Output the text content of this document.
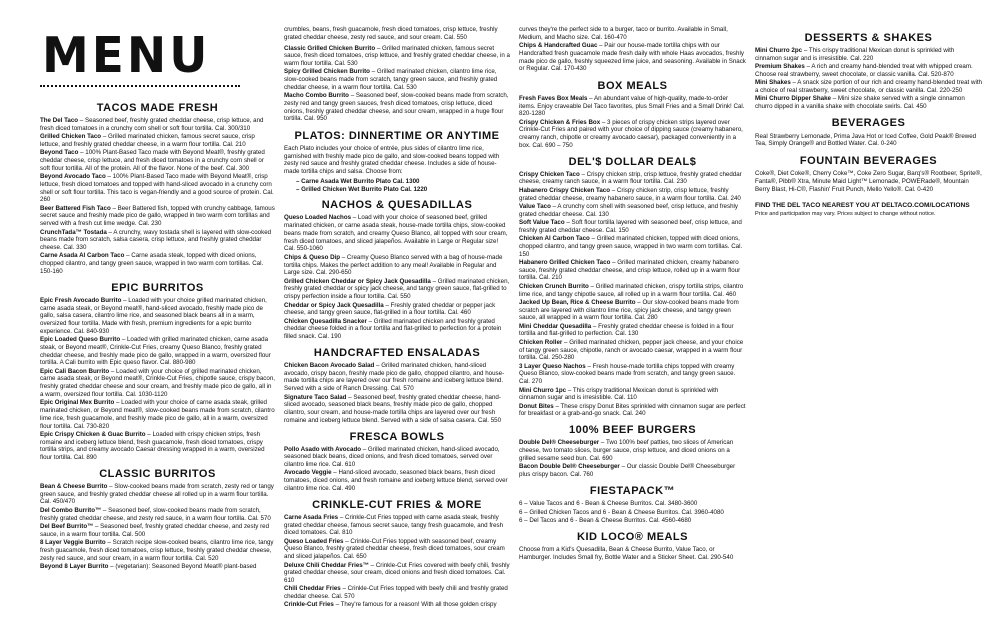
MENU
TACOS MADE FRESH
The Del Taco – Seasoned beef, freshly grated cheddar cheese, crisp lettuce, and fresh diced tomatoes in a crunchy corn shell or soft flour tortilla. Cal. 300/310
Grilled Chicken Taco – Grilled marinated chicken, famous secret sauce, crisp lettuce, and freshly grated cheddar cheese, in a warm flour tortilla. Cal. 210
Beyond Taco – 100% Plant-Based Taco made with Beyond Meat®, freshly grated cheddar cheese, crisp lettuce, and fresh diced tomatoes in a crunchy corn shell or soft flour tortilla. All of the protein. All of the flavor. None of the beef. Cal. 300
Beyond Avocado Taco – 100% Plant-Based Taco made with Beyond Meat®, crisp lettuce, fresh diced tomatoes and topped with hand-sliced avocado in a crunchy corn shell or soft flour tortilla. This taco is vegan-friendly and a good source of protein. Cal. 260
Beer Battered Fish Taco – Beer Battered fish, topped with crunchy cabbage, famous secret sauce and freshly made pico de gallo, wrapped in two warm corn tortillas and served with a fresh cut lime wedge. Cal. 230
CrunchTada™ Tostada – A crunchy, wavy tostada shell is layered with slow-cooked beans made from scratch, salsa casera, crisp lettuce, and freshly grated cheddar cheese. Cal. 330
Carne Asada Al Carbon Taco – Carne asada steak, topped with diced onions, chopped cilantro, and tangy green sauce, wrapped in two warm corn tortillas. Cal. 150-160
EPIC BURRITOS
Epic Fresh Avocado Burrito – Loaded with your choice grilled marinated chicken, carne asada steak, or Beyond meat®, hand-sliced avocado, freshly made pico de gallo, salsa casera, cilantro lime rice, and seasoned black beans all in a warm, oversized flour tortilla. Made with fresh, premium ingredients for a epic burrito experience. Cal. 840-930
Epic Loaded Queso Burrito – Loaded with grilled marinated chicken, carne asada steak, or Beyond meat®, Crinkle-Cut Fries, creamy Queso Blanco, freshly grated cheddar cheese, and freshly made pico de gallo, wrapped in a warm, oversized flour tortilla. A Cali burrito with Epic queso flavor. Cal. 880-980
Epic Cali Bacon Burrito – Loaded with your choice of grilled marinated chicken, carne asada steak, or Beyond meat®, Crinkle-Cut Fries, chipotle sauce, crispy bacon, freshly grated cheddar cheese and sour cream, and freshly made pico de gallo, all in a warm, oversized flour tortilla. Cal. 1030-1120
Epic Original Mex Burrito – Loaded with your choice of carne asada steak, grilled marinated chicken, or Beyond meat®, slow-cooked beans made from scratch, cilantro lime rice, fresh guacamole, and freshly made pico de gallo, all in a warm, oversized flour tortilla. Cal. 730-820
Epic Crispy Chicken & Guac Burrito – Loaded with crispy chicken strips, fresh romaine and iceberg lettuce blend, fresh guacamole, fresh diced tomatoes, crispy tortilla strips, and creamy avocado Caesar dressing wrapped in a warm, oversized flour tortilla. Cal. 890
CLASSIC BURRITOS
Bean & Cheese Burrito – Slow-cooked beans made from scratch, zesty red or tangy green sauce, and freshly grated cheddar cheese all rolled up in a warm flour tortilla. Cal. 450/470
Del Combo Burrito™ – Seasoned beef, slow-cooked beans made from scratch, freshly grated cheddar cheese, and zesty red sauce, in a warm flour tortilla. Cal. 570
Del Beef Burrito™ – Seasoned beef, freshly grated cheddar cheese, and zesty red sauce, in a warm flour tortilla. Cal. 500
8 Layer Veggie Burrito – Scratch recipe slow-cooked beans, cilantro lime rice, tangy fresh guacamole, fresh diced tomatoes, crisp lettuce, freshly grated cheddar cheese, zesty red sauce, and sour cream, in a warm flour tortilla. Cal. 520
Beyond 8 Layer Burrito – (vegetarian): Seasoned Beyond Meat® plant-based
crumbles, beans, fresh guacamole, fresh diced tomatoes, crisp lettuce, freshly grated cheddar cheese, zesty red sauce, and sour cream. Cal. 550
Classic Grilled Chicken Burrito – Grilled marinated chicken, famous secret sauce, fresh diced tomatoes, crisp lettuce, and freshly grated cheddar cheese, in a warm flour tortilla. Cal. 530
Spicy Grilled Chicken Burrito – Grilled marinated chicken, cilantro lime rice, slow-cooked beans made from scratch, tangy green sauce, and freshly grated cheddar cheese, in a warm flour tortilla. Cal. 530
Macho Combo Burrito – Seasoned beef, slow-cooked beans made from scratch, zesty red and tangy green sauces, fresh diced tomatoes, crisp lettuce, diced onions, freshly grated cheddar cheese, and sour cream, wrapped in a huge flour tortilla. Cal. 950
PLATOS: DINNERTIME OR ANYTIME
Each Plato includes your choice of entrée, plus sides of cilantro lime rice, garnished with freshly made pico de gallo, and slow-cooked beans topped with zesty red sauce and freshly grated cheddar cheese. Includes a side of house-made tortilla chips and salsa. Choose from:
– Carne Asada Wet Burrito Plato Cal. 1300
– Grilled Chicken Wet Burrito Plato Cal. 1220
NACHOS & QUESADILLAS
Queso Loaded Nachos – Load with your choice of seasoned beef, grilled marinated chicken, or carne asada steak, house-made tortilla chips, slow-cooked beans made from scratch, and creamy Queso Blanco, all topped with sour cream, fresh diced tomatoes, and sliced jalapeños. Available in Large or Regular size! Cal. 550-1060
Chips & Queso Dip – Creamy Queso Blanco served with a bag of house-made tortilla chips. Makes the perfect addition to any meal! Available in Regular and Large size. Cal. 290-650
Grilled Chicken Cheddar or Spicy Jack Quesadilla – Grilled marinated chicken, freshly grated cheddar or spicy jack cheese, and tangy green sauce, flat-grilled to crispy perfection inside a flour tortilla. Cal. 550
Cheddar or Spicy Jack Quesadilla – Freshly grated cheddar or pepper jack cheese, and tangy green sauce, flat-grilled in a flour tortilla. Cal. 460
Chicken Quesadilla Snacker – Grilled marinated chicken and freshly grated cheddar cheese folded in a flour tortilla and flat-grilled to perfection for a protein filled snack. Cal. 190
HANDCRAFTED ENSALADAS
Chicken Bacon Avocado Salad – Grilled marinated chicken, hand-sliced avocado, crispy bacon, freshly made pico de gallo, chopped cilantro, and house-made tortilla chips are layered over our fresh romaine and iceberg lettuce blend. Served with a side of Ranch Dressing. Cal. 570
Signature Taco Salad – Seasoned beef, freshly grated cheddar cheese, hand-sliced avocado, seasoned black beans, freshly made pico de gallo, chopped cilantro, sour cream, and house-made tortilla chips are layered over our fresh romaine and iceberg lettuce blend. Served with a side of salsa casera. Cal. 550
FRESCA BOWLS
Pollo Asado with Avocado – Grilled marinated chicken, hand-sliced avocado, seasoned black beans, diced onions, and fresh diced tomatoes, served over cilantro lime rice. Cal. 610
Avocado Veggie – Hand-sliced avocado, seasoned black beans, fresh diced tomatoes, diced onions, and fresh romaine and iceberg lettuce blend, served over cilantro lime rice. Cal. 490
CRINKLE-CUT FRIES & MORE
Carne Asada Fries – Crinkle-Cut Fries topped with carne asada steak, freshly grated cheddar cheese, famous secret sauce, tangy fresh guacamole, and fresh diced tomatoes. Cal. 810
Queso Loaded Fries – Crinkle-Cut Fries topped with seasoned beef, creamy Queso Blanco, freshly grated cheddar cheese, fresh diced tomatoes, sour cream and sliced jalapeños. Cal. 650
Deluxe Chili Cheddar Fries™ – Crinkle-Cut Fries covered with beefy chili, freshly grated cheddar cheese, sour cream, diced onions and fresh diced tomatoes. Cal. 610
Chili Cheddar Fries – Crinkle-Cut Fries topped with beefy chili and freshly grated cheddar cheese. Cal. 570
Crinkle-Cut Fries – They're famous for a reason! With all those golden crispy
curves they're the perfect side to a burger, taco or burrito. Available in Small, Medium, and Macho size. Cal. 160-470
Chips & Handcrafted Guac – Pair our house-made tortilla chips with our Handcrafted fresh guacamole made fresh daily with whole Haas avocados, freshly made pico de gallo, freshly squeezed lime juice, and seasoning. Available in Snack or Regular. Cal. 170-430
BOX MEALS
Fresh Faves Box Meals – An abundant value of high-quality, made-to-order items. Enjoy craveable Del Taco favorites, plus Small Fries and a Small Drink! Cal. 820-1280
Crispy Chicken & Fries Box – 3 pieces of crispy chicken strips layered over Crinkle-Cut Fries and paired with your choice of dipping sauce (creamy habanero, creamy ranch, chipotle or creamy avocado caesar), packaged conveniently in a box. Cal. 690 – 750
DEL'$ DOLLAR DEAL$
Crispy Chicken Taco – Crispy chicken strip, crisp lettuce, freshly grated cheddar cheese, creamy ranch sauce, in a warm flour tortilla. Cal. 230
Habanero Crispy Chicken Taco – Crispy chicken strip, crisp lettuce, freshly grated cheddar cheese, creamy habanero sauce, in a warm flour tortilla. Cal. 240
Value Taco – A crunchy corn shell with seasoned beef, crisp lettuce, and freshly grated cheddar cheese. Cal. 130
Soft Value Taco – Soft flour tortilla layered with seasoned beef, crisp lettuce, and freshly grated cheddar cheese. Cal. 150
Chicken Al Carbon Taco – Grilled marinated chicken, topped with diced onions, chopped cilantro, and tangy green sauce, wrapped in two warm corn tortillas. Cal. 150
Habanero Grilled Chicken Taco – Grilled marinated chicken, creamy habanero sauce, freshly grated cheddar cheese, and crisp lettuce, rolled up in a warm flour tortilla. Cal. 210
Chicken Crunch Burrito – Grilled marinated chicken, crispy tortilla strips, cilantro lime rice, and tangy chipotle sauce, all rolled up in a warm flour tortilla. Cal. 460
Jacked Up Bean, Rice & Cheese Burrito – Our slow-cooked beans made from scratch are layered with cilantro lime rice, spicy jack cheese, and tangy green sauce, all wrapped in a warm flour tortilla. Cal. 280
Mini Cheddar Quesadilla – Freshly grated cheddar cheese is folded in a flour tortilla and flat-grilled to perfection. Cal. 130
Chicken Roller – Grilled marinated chicken, pepper jack cheese, and your choice of tangy green sauce, chipotle, ranch or avocado caesar, wrapped in a warm flour tortilla. Cal. 250-280
3 Layer Queso Nachos – Fresh house-made tortilla chips topped with creamy Queso Blanco, slow-cooked beans made from scratch, and tangy green sauce. Cal. 270
Mini Churro 1pc – This crispy traditional Mexican donut is sprinkled with cinnamon sugar and is irresistible. Cal. 110
Donut Bites – These crispy Donut Bites sprinkled with cinnamon sugar are perfect for breakfast or a grab-and-go snack. Cal. 240
100% BEEF BURGERS
Double Del® Cheeseburger – Two 100% beef patties, two slices of American cheese, two tomato slices, burger sauce, crisp lettuce, and diced onions on a grilled sesame seed bun. Cal. 690
Bacon Double Del® Cheeseburger – Our classic Double Del® Cheeseburger plus crispy bacon. Cal. 760
FIESTAPACK™
6 – Value Tacos and 6 - Bean & Cheese Burritos. Cal. 3480-3600
6 – Grilled Chicken Tacos and 6 - Bean & Cheese Burritos. Cal. 3960-4080
6 – Del Tacos and 6 - Bean & Cheese Burritos. Cal. 4560-4680
KID LOCO® MEALS
Choose from a Kid's Quesadilla, Bean & Cheese Burrito, Value Taco, or Hamburger. Includes Small fry, Bottle Water and a Sticker Sheet. Cal. 290-540
DESSERTS & SHAKES
Mini Churro 2pc – This crispy traditional Mexican donut is sprinkled with cinnamon sugar and is irresistible. Cal. 220
Premium Shakes – A rich and creamy hand-blended treat with whipped cream. Choose real strawberry, sweet chocolate, or classic vanilla. Cal. 520-870
Mini Shakes – A snack size portion of our rich and creamy hand-blended treat with a choice of real strawberry, sweet chocolate, or classic vanilla. Cal. 220-250
Mini Churro Dipper Shake – Mini size shake served with a single cinnamon churro dipped in a vanilla shake with chocolate swirls. Cal. 450
BEVERAGES
Real Strawberry Lemonade, Prima Java Hot or Iced Coffee, Gold Peak® Brewed Tea, Simply Orange® and Bottled Water. Cal. 0-240
FOUNTAIN BEVERAGES
Coke®, Diet Coke®, Cherry Coke™, Coke Zero Sugar, Barq's® Rootbeer, Sprite®, Fanta®, Pibb® Xtra, Minute Maid Light™ Lemonade, POWERade®, Mountain Berry Blast, Hi-C®, Flashin' Fruit Punch, Mello Yello®. Cal. 0-420
FIND THE DEL TACO NEAREST YOU AT DELTACO.COM/LOCATIONS
Price and participation may vary. Prices subject to change without notice.
